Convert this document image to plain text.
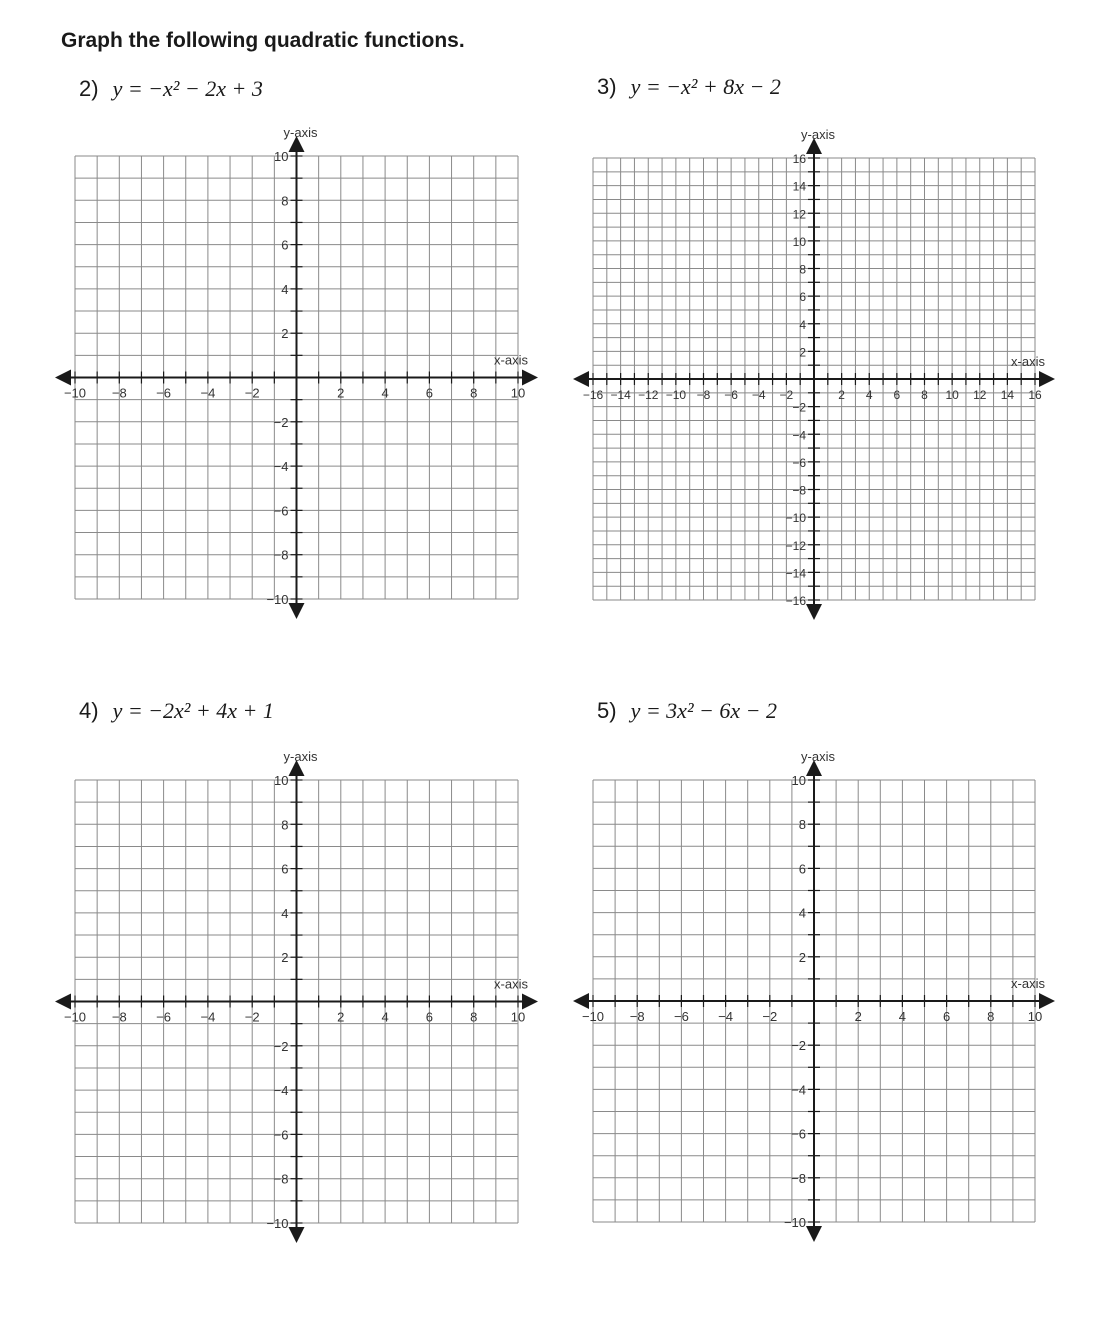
Graph the following quadratic functions.
2) y = −x² − 2x + 3	3) y = −x² + 8x − 2
4) y = −2x² + 4x + 1	5) y = 3x² − 6x − 2
−10
−10
−8
−8
−6
−6
−4
−4
−2
−2
2
2
4
4
6
6
8
8
10
10
x-axis
y-axis
−16
−16
−14
−14
−12
−12
−10
−10
−8
−8
−6
−6
−4
−4
−2
−2
2
2
4
4
6
6
8
8
10
10
12
12
14
14
16
16
x-axis
y-axis
−10
−10
−8
−8
−6
−6
−4
−4
−2
−2
2
2
4
4
6
6
8
8
10
10
x-axis
y-axis
−10
−10
−8
−8
−6
−6
−4
−4
−2
−2
2
2
4
4
6
6
8
8
10
10
x-axis
y-axis
